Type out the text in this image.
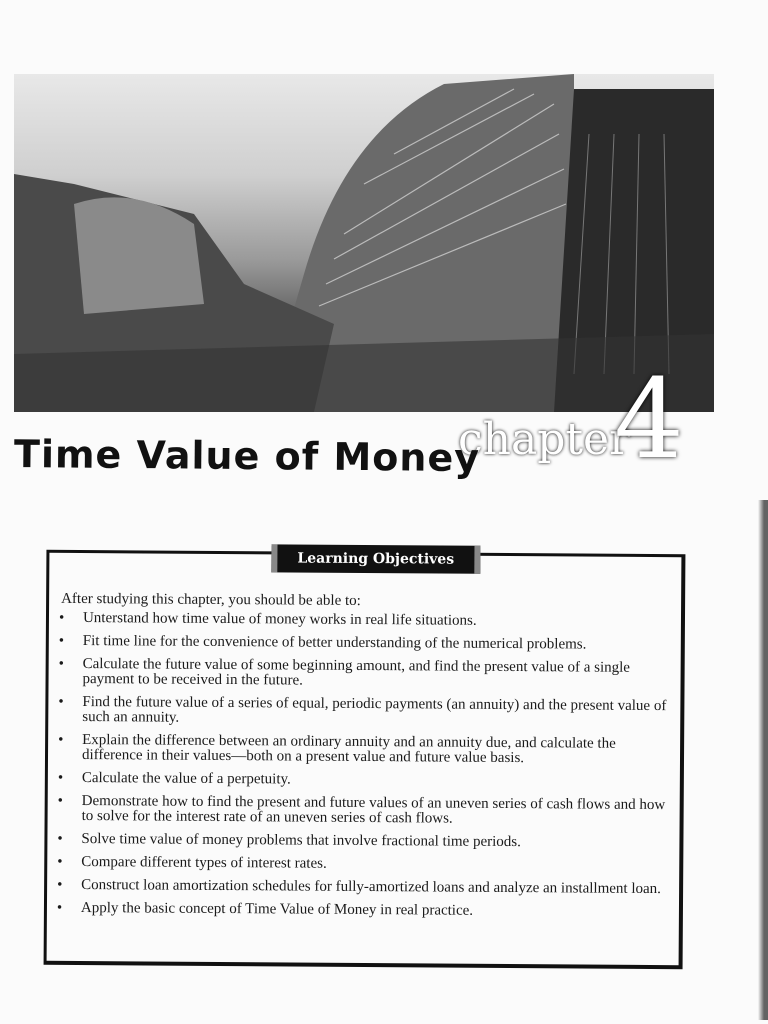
chapter
4
Time Value of Money
Learning Objectives
After studying this chapter, you should be able to:
• Unterstand how time value of money works in real life situations.
• Fit time line for the convenience of better understanding of the numerical problems.
• Calculate the future value of some beginning amount, and find the present value of a single payment to be received in the future.
• Find the future value of a series of equal, periodic payments (an annuity) and the present value of such an annuity.
• Explain the difference between an ordinary annuity and an annuity due, and calculate the difference in their values—both on a present value and future value basis.
• Calculate the value of a perpetuity.
• Demonstrate how to find the present and future values of an uneven series of cash flows and how to solve for the interest rate of an uneven series of cash flows.
• Solve time value of money problems that involve fractional time periods.
• Compare different types of interest rates.
• Construct loan amortization schedules for fully-amortized loans and analyze an installment loan.
• Apply the basic concept of Time Value of Money in real practice.
